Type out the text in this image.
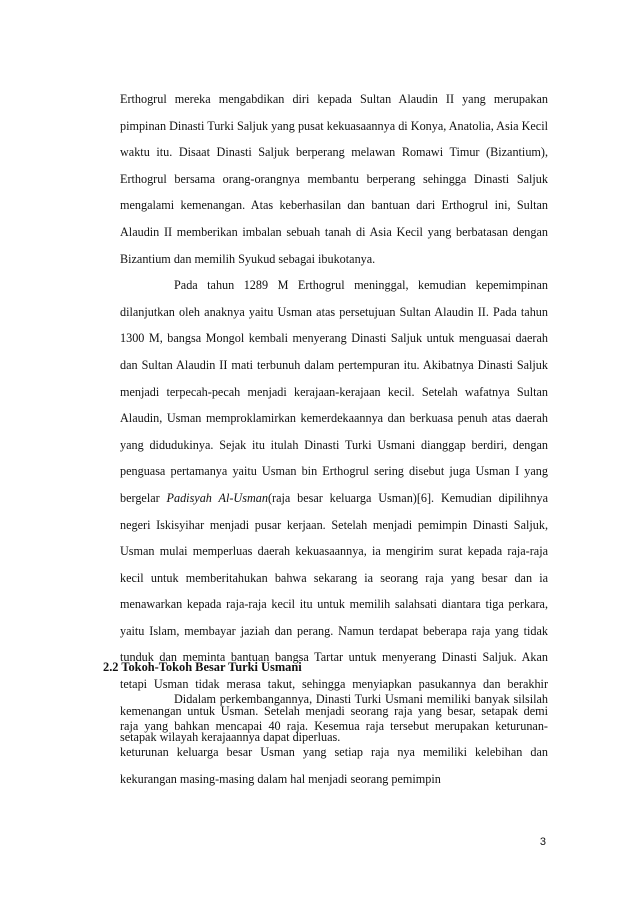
Erthogrul mereka mengabdikan diri kepada Sultan Alaudin II yang merupakan pimpinan Dinasti Turki Saljuk yang pusat kekuasaannya di Konya, Anatolia, Asia Kecil waktu itu. Disaat Dinasti Saljuk berperang melawan Romawi Timur (Bizantium), Erthogrul bersama orang-orangnya membantu berperang sehingga Dinasti Saljuk mengalami kemenangan. Atas keberhasilan dan bantuan dari Erthogrul ini, Sultan Alaudin II memberikan imbalan sebuah tanah di Asia Kecil yang berbatasan dengan Bizantium dan memilih Syukud sebagai ibukotanya.

Pada tahun 1289 M Erthogrul meninggal, kemudian kepemimpinan dilanjutkan oleh anaknya yaitu Usman atas persetujuan Sultan Alaudin II. Pada tahun 1300 M, bangsa Mongol kembali menyerang Dinasti Saljuk untuk menguasai daerah dan Sultan Alaudin II mati terbunuh dalam pertempuran itu. Akibatnya Dinasti Saljuk menjadi terpecah-pecah menjadi kerajaan-kerajaan kecil. Setelah wafatnya Sultan Alaudin, Usman memproklamirkan kemerdekaannya dan berkuasa penuh atas daerah yang didudukinya. Sejak itu itulah Dinasti Turki Usmani dianggap berdiri, dengan penguasa pertamanya yaitu Usman bin Erthogrul sering disebut juga Usman I yang bergelar Padisyah Al-Usman(raja besar keluarga Usman)[6]. Kemudian dipilihnya negeri Iskisyihar menjadi pusar kerjaan. Setelah menjadi pemimpin Dinasti Saljuk, Usman mulai memperluas daerah kekuasaannya, ia mengirim surat kepada raja-raja kecil untuk memberitahukan bahwa sekarang ia seorang raja yang besar dan ia menawarkan kepada raja-raja kecil itu untuk memilih salahsati diantara tiga perkara, yaitu Islam, membayar jaziah dan perang. Namun terdapat beberapa raja yang tidak tunduk dan meminta bantuan bangsa Tartar untuk menyerang Dinasti Saljuk. Akan tetapi Usman tidak merasa takut, sehingga menyiapkan pasukannya dan berakhir kemenangan untuk Usman. Setelah menjadi seorang raja yang besar, setapak demi setapak wilayah kerajaannya dapat diperluas.

2.2 Tokoh-Tokoh Besar Turki Usmani

Didalam perkembangannya, Dinasti Turki Usmani memiliki banyak silsilah raja yang bahkan mencapai 40 raja. Kesemua raja tersebut merupakan keturunan-keturunan keluarga besar Usman yang setiap raja nya memiliki kelebihan dan kekurangan masing-masing dalam hal menjadi seorang pemimpin

3
